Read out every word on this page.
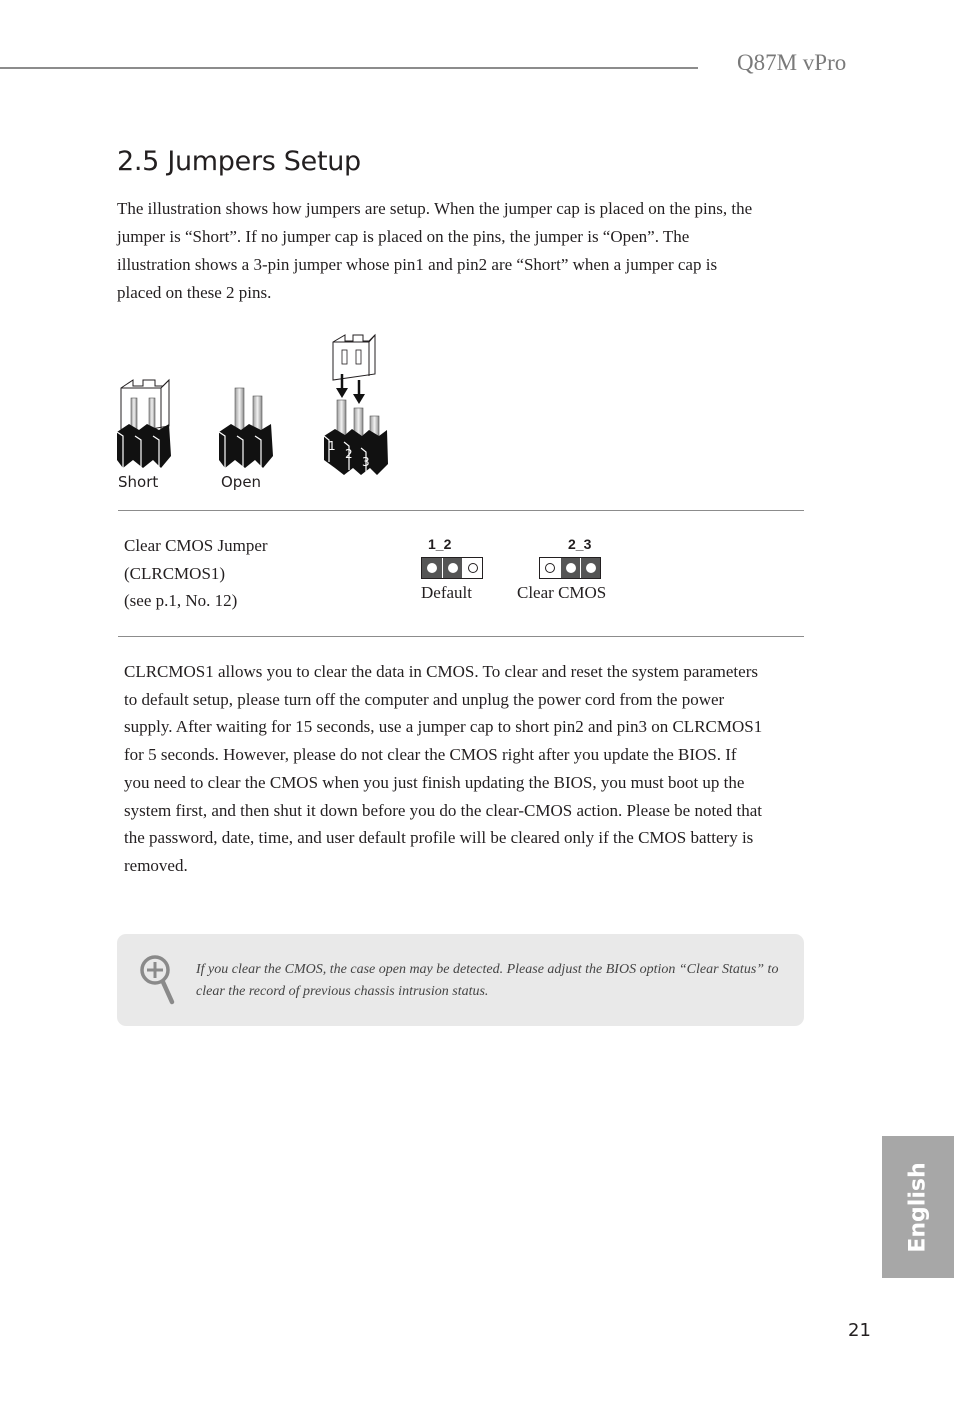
Q87M vPro
2.5 Jumpers Setup

The illustration shows how jumpers are setup. When the jumper cap is placed on the pins, the jumper is “Short”. If no jumper cap is placed on the pins, the jumper is “Open”. The illustration shows a 3-pin jumper whose pin1 and pin2 are “Short” when a jumper cap is placed on these 2 pins.

1
2
3
Short	Open
Clear CMOS Jumper
(CLRCMOS1)
(see p.1, No. 12)
1_2
Default
2_3
Clear CMOS

CLRCMOS1 allows you to clear the data in CMOS. To clear and reset the system parameters to default setup, please turn off the computer and unplug the power cord from the power supply. After waiting for 15 seconds, use a jumper cap to short pin2 and pin3 on CLRCMOS1 for 5 seconds. However, please do not clear the CMOS right after you update the BIOS. If you need to clear the CMOS when you just finish updating the BIOS, you must boot up the system first, and then shut it down before you do the clear-CMOS action. Please be noted that the password, date, time, and user default profile will be cleared only if the CMOS battery is removed.

If you clear the CMOS, the case open may be detected. Please adjust the BIOS option “Clear Status” to clear the record of previous chassis intrusion status.
English
21
